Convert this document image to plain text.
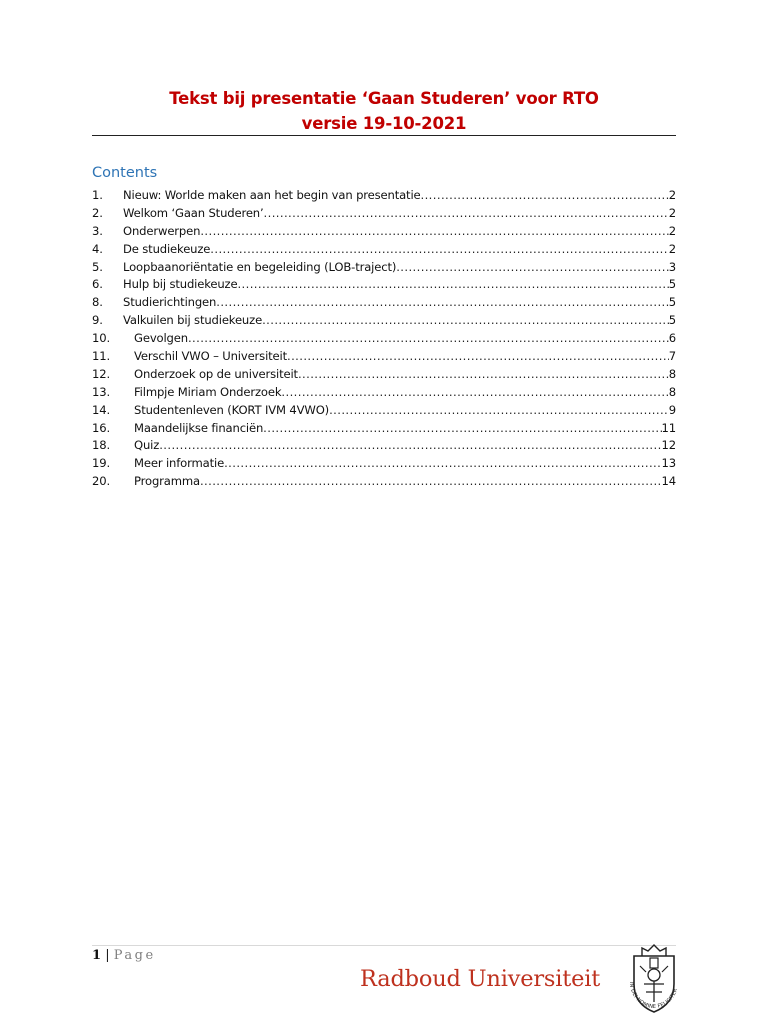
Tekst bij presentatie ‘Gaan Studeren’ voor RTO
versie 19-10-2021
Contents
1.	Nieuw: Worlde maken aan het begin van presentatie .....	2
2.	Welkom ‘Gaan Studeren’ .....	2
3.	Onderwerpen .....	2
4.	De studiekeuze .....	2
5.	Loopbaanoriëntatie en begeleiding (LOB-traject) .....	3
6.	Hulp bij studiekeuze .....	5
8.	Studierichtingen .....	5
9.	Valkuilen bij studiekeuze .....	5
10.	Gevolgen .....	6
11.	Verschil VWO – Universiteit .....	7
12.	Onderzoek op de universiteit .....	8
13.	Filmpje Miriam Onderzoek .....	8
14.	Studentenleven (KORT IVM 4VWO) .....	9
16.	Maandelijkse financiën .....	11
18.	Quiz .....	12
19.	Meer informatie .....	13
20.	Programma .....	14
1 | Page
Radboud Universiteit	IN DEI NOMINE FELICITER
